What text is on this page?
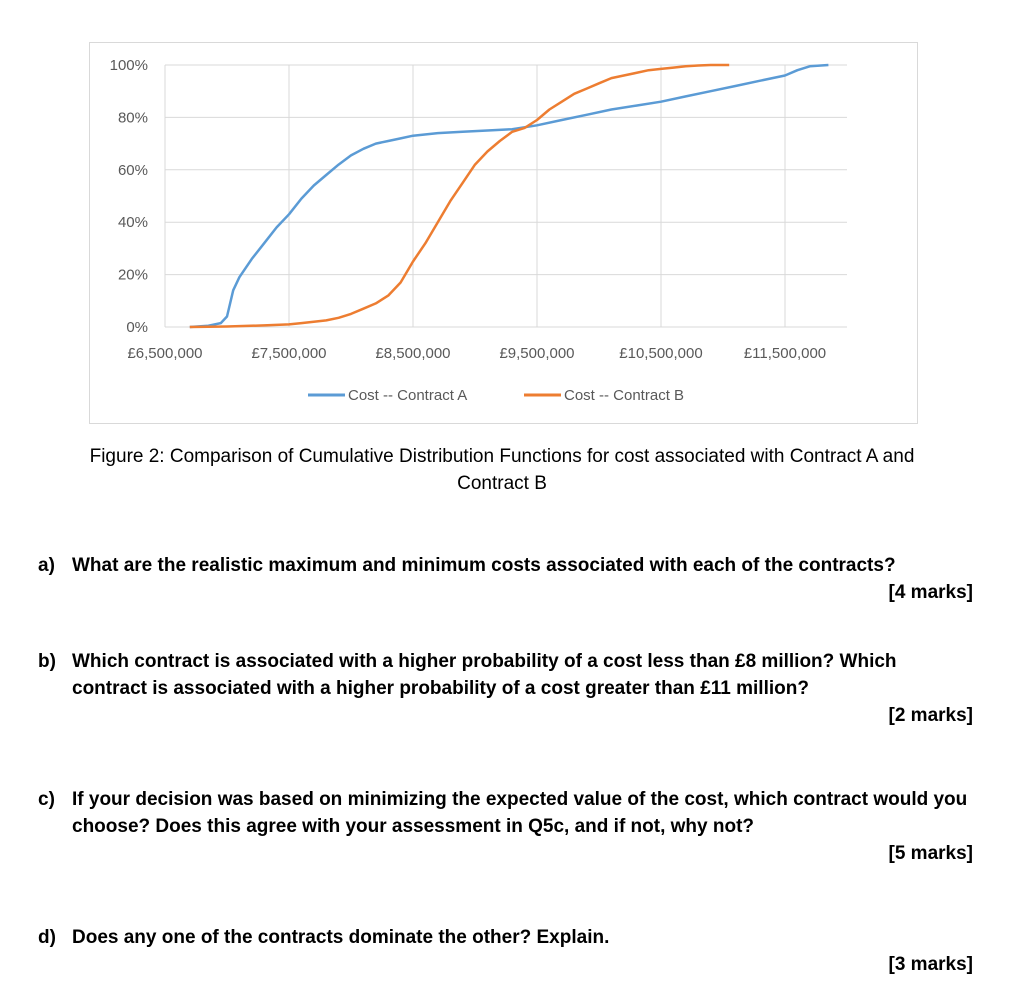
0%
20%
40%
60%
80%
100%
£6,500,000	£7,500,000	£8,500,000	£9,500,000	£10,500,000	£11,500,000
Cost -- Contract A	Cost -- Contract B
Figure 2: Comparison of Cumulative Distribution Functions for cost associated with Contract A and
Contract B
a) What are the realistic maximum and minimum costs associated with each of the contracts?
[4 marks]
b) Which contract is associated with a higher probability of a cost less than £8 million? Which contract is associated with a higher probability of a cost greater than £11 million?
[2 marks]
c) If your decision was based on minimizing the expected value of the cost, which contract would you choose? Does this agree with your assessment in Q5c, and if not, why not?
[5 marks]
d) Does any one of the contracts dominate the other? Explain.
[3 marks]
